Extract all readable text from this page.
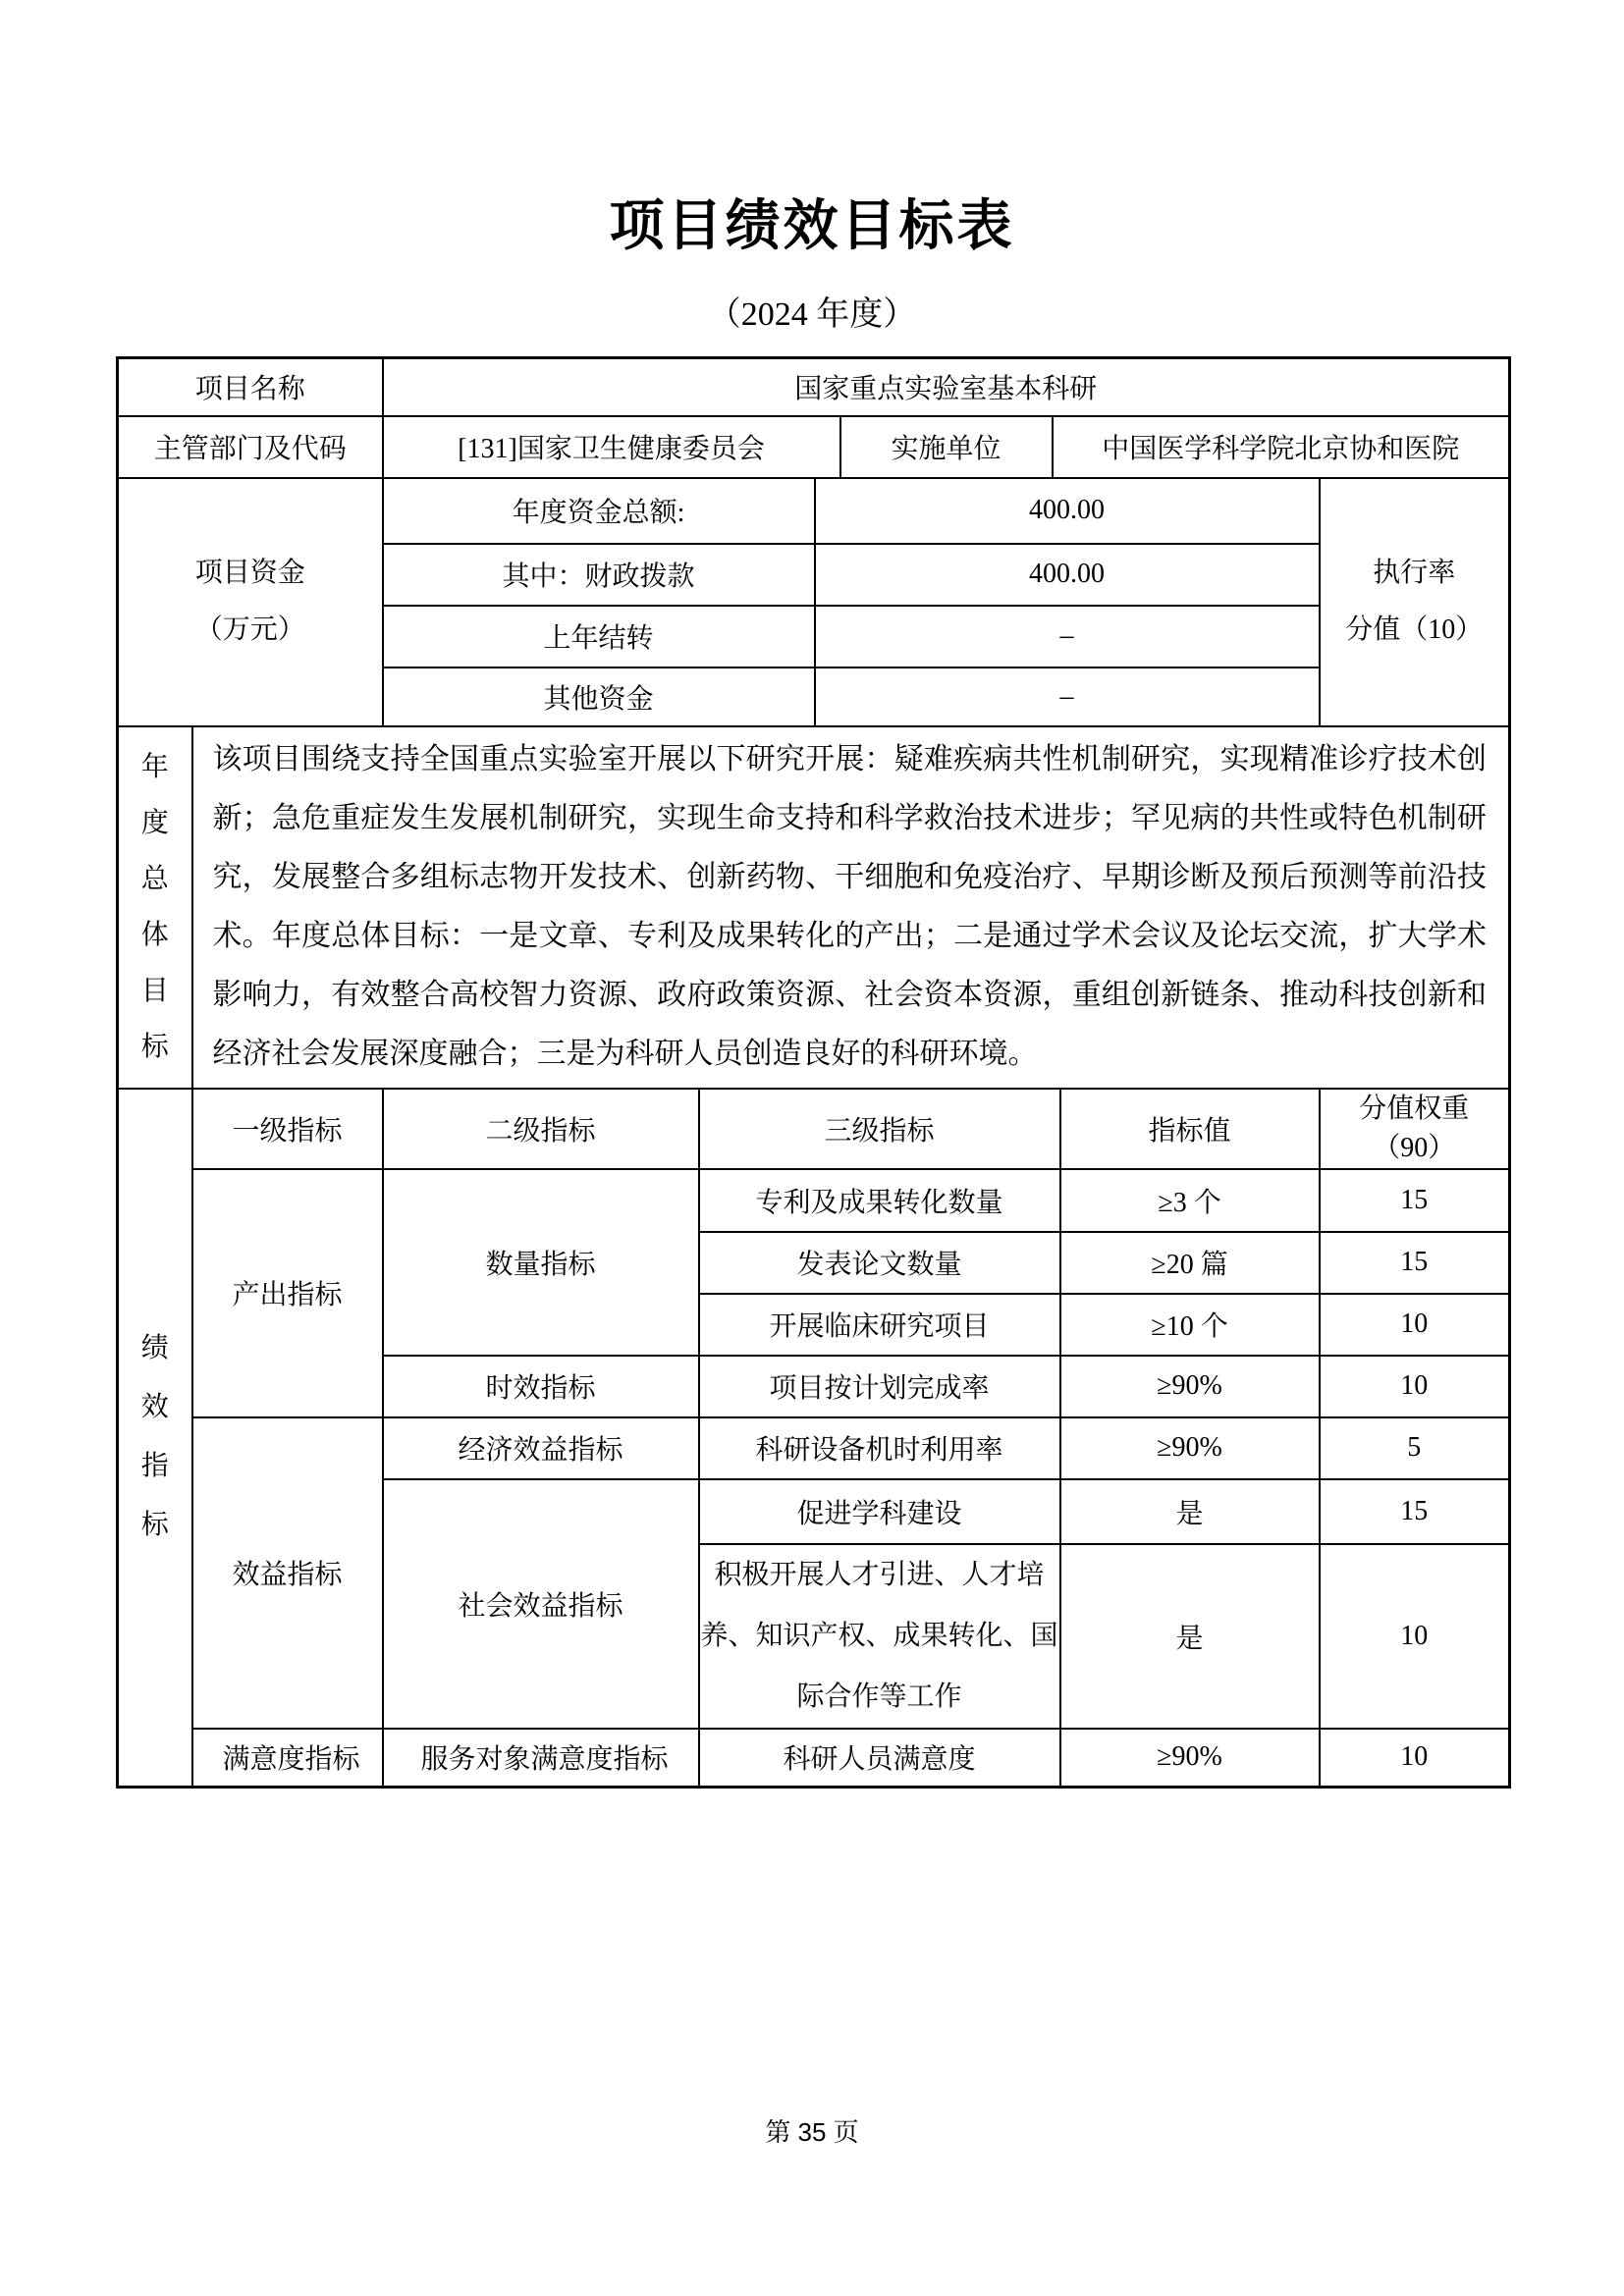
项目绩效目标表
（2024 年度）
项目名称		国家重点实验室基本科研						
主管部门及代码		[131]国家卫生健康委员会			实施单位	中国医学科学院北京协和医院		
项目资金
（万元）		年度资金总额:		400.00				执行率
分值（10）
		其中：财政拨款		400.00				
		上年结转		–				
		其他资金		–				
年度总体目标	该项目围绕支持全国重点实验室开展以下研究开展：疑难疾病共性机制研究，实现精准诊疗技术创新；急危重症发生发展机制研究，实现生命支持和科学救治技术进步；罕见病的共性或特色机制研究，发展整合多组标志物开发技术、创新药物、干细胞和免疫治疗、早期诊断及预后预测等前沿技术。年度总体目标：一是文章、专利及成果转化的产出；二是通过学术会议及论坛交流，扩大学术影响力，有效整合高校智力资源、政府政策资源、社会资本资源，重组创新链条、推动科技创新和经济社会发展深度融合；三是为科研人员创造良好的科研环境。							

绩效指标	一级指标	二级指标	三级指标				指标值	分值权重
（90）
	产出指标	数量指标	专利及成果转化数量				≥3 个	15
			发表论文数量				≥20 篇	15
			开展临床研究项目				≥10 个	10
		时效指标	项目按计划完成率				≥90%	10
	效益指标	经济效益指标	科研设备机时利用率				≥90%	5
		社会效益指标	促进学科建设				是	15
			积极开展人才引进、人才培养、知识产权、成果转化、国际合作等工作				是	10
	满意度指标	服务对象满意度指标	科研人员满意度				≥90%	10
第 35 页
